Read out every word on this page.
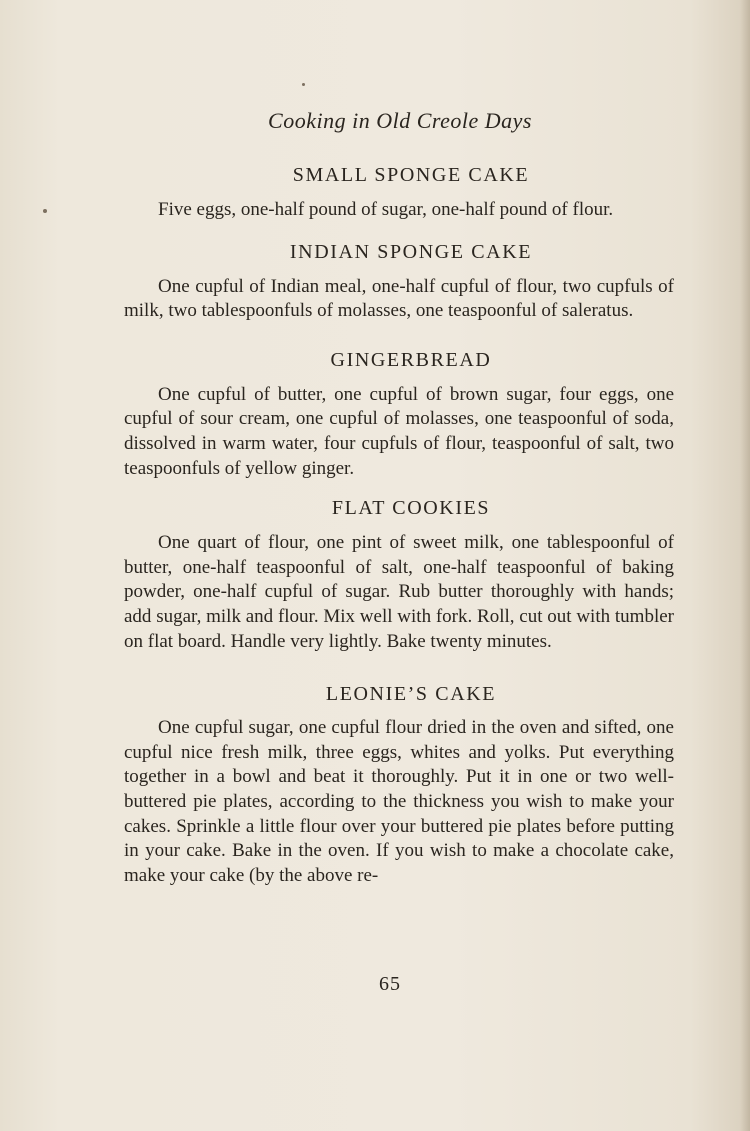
Cooking in Old Creole Days
SMALL SPONGE CAKE

Five eggs, one-half pound of sugar, one-half pound of flour.

INDIAN SPONGE CAKE

One cupful of Indian meal, one-half cupful of flour, two cupfuls of milk, two tablespoonfuls of molasses, one teaspoonful of saleratus.

GINGERBREAD

One cupful of butter, one cupful of brown sugar, four eggs, one cupful of sour cream, one cupful of molasses, one teaspoonful of soda, dissolved in warm water, four cupfuls of flour, teaspoonful of salt, two teaspoonfuls of yellow ginger.

FLAT COOKIES

One quart of flour, one pint of sweet milk, one tablespoonful of butter, one-half teaspoonful of salt, one-half teaspoonful of baking powder, one-half cupful of sugar. Rub butter thoroughly with hands; add sugar, milk and flour. Mix well with fork. Roll, cut out with tumbler on flat board. Handle very lightly. Bake twenty minutes.

LEONIE’S CAKE

One cupful sugar, one cupful flour dried in the oven and sifted, one cupful nice fresh milk, three eggs, whites and yolks. Put everything together in a bowl and beat it thoroughly. Put it in one or two well-buttered pie plates, according to the thickness you wish to make your cakes. Sprinkle a little flour over your buttered pie plates before putting in your cake. Bake in the oven. If you wish to make a chocolate cake, make your cake (by the above re-

65
